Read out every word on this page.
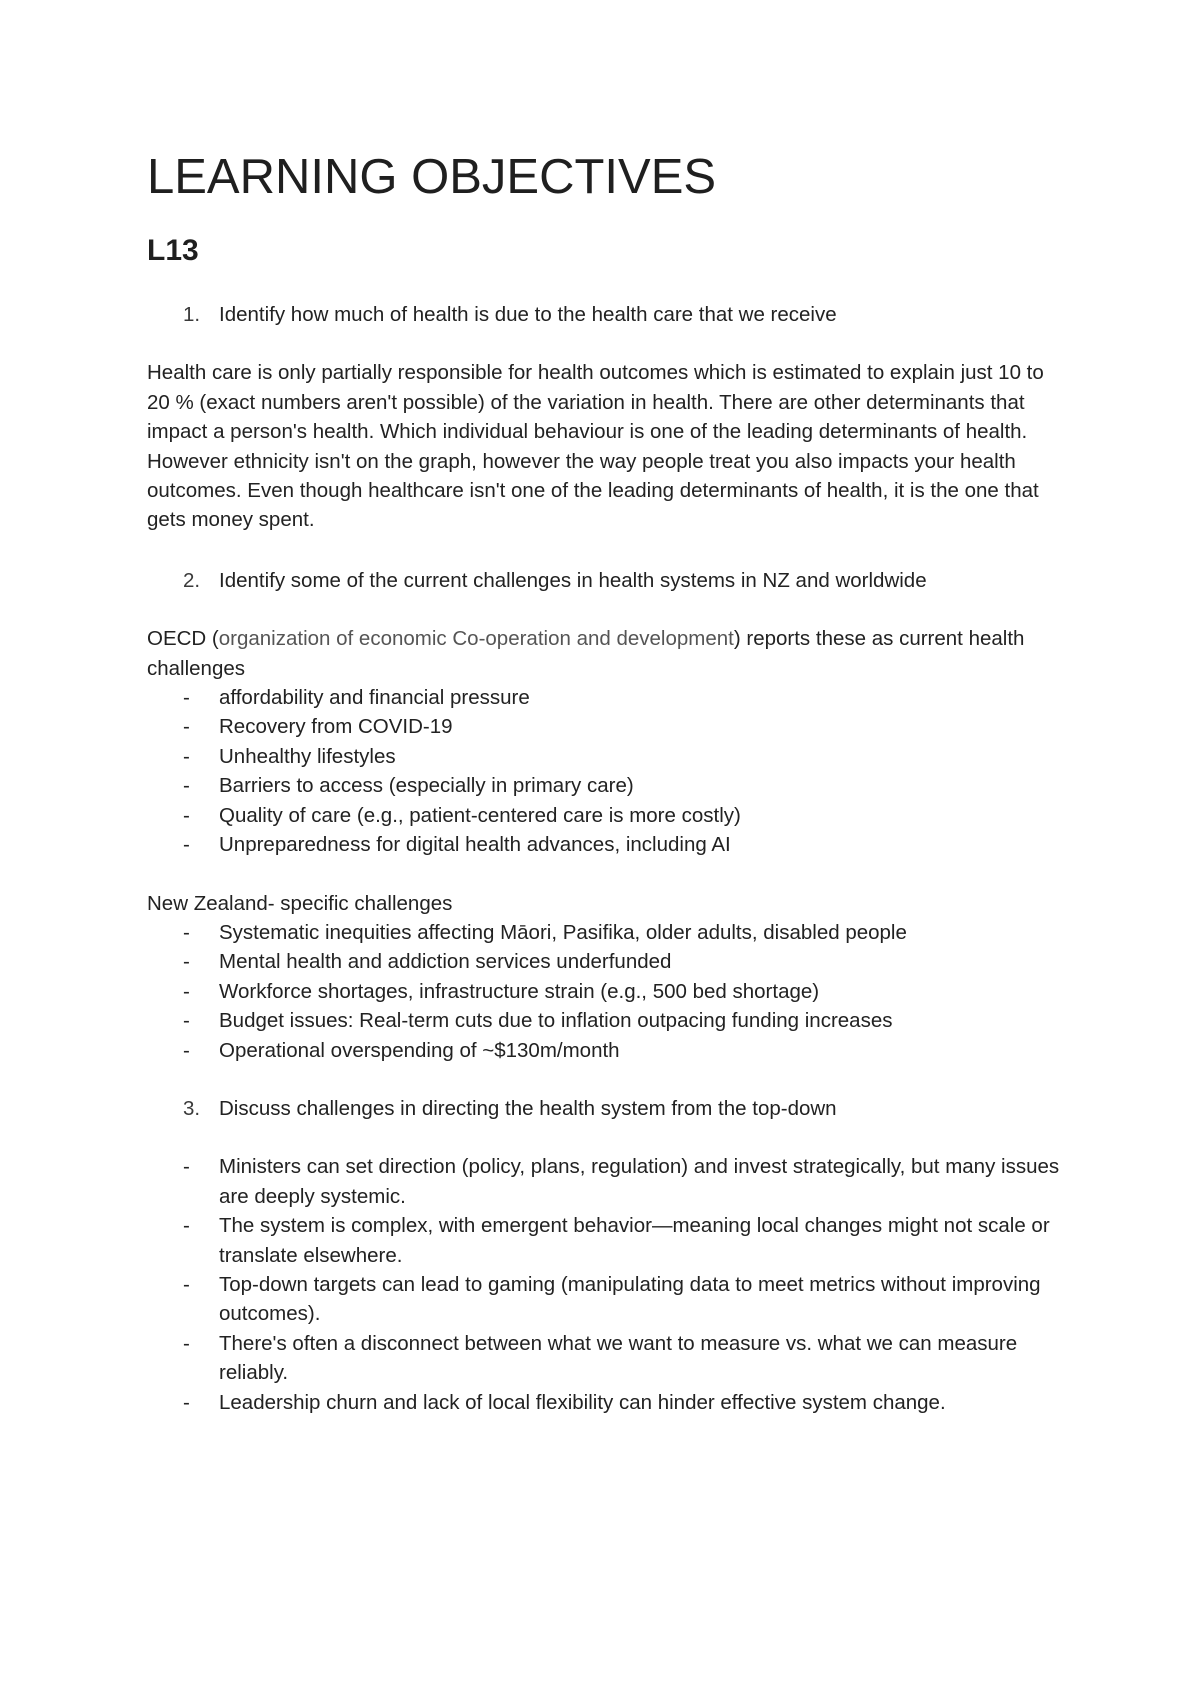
LEARNING OBJECTIVES
L13
1. Identify how much of health is due to the health care that we receive

Health care is only partially responsible for health outcomes which is estimated to explain just 10 to 20 % (exact numbers aren't possible) of the variation in health. There are other determinants that impact a person's health. Which individual behaviour is one of the leading determinants of health. However ethnicity isn't on the graph, however the way people treat you also impacts your health outcomes. Even though healthcare isn't one of the leading determinants of health, it is the one that gets money spent.

2. Identify some of the current challenges in health systems in NZ and worldwide

OECD (organization of economic Co-operation and development) reports these as current health challenges

- affordability and financial pressure
- Recovery from COVID-19
- Unhealthy lifestyles
- Barriers to access (especially in primary care)
- Quality of care (e.g., patient-centered care is more costly)
- Unpreparedness for digital health advances, including AI

New Zealand- specific challenges

- Systematic inequities affecting Māori, Pasifika, older adults, disabled people
- Mental health and addiction services underfunded
- Workforce shortages, infrastructure strain (e.g., 500 bed shortage)
- Budget issues: Real-term cuts due to inflation outpacing funding increases
- Operational overspending of ~$130m/month
3. Discuss challenges in directing the health system from the top-down
- Ministers can set direction (policy, plans, regulation) and invest strategically, but many issues are deeply systemic.
- The system is complex, with emergent behavior—meaning local changes might not scale or translate elsewhere.
- Top-down targets can lead to gaming (manipulating data to meet metrics without improving outcomes).
- There's often a disconnect between what we want to measure vs. what we can measure reliably.
- Leadership churn and lack of local flexibility can hinder effective system change.
